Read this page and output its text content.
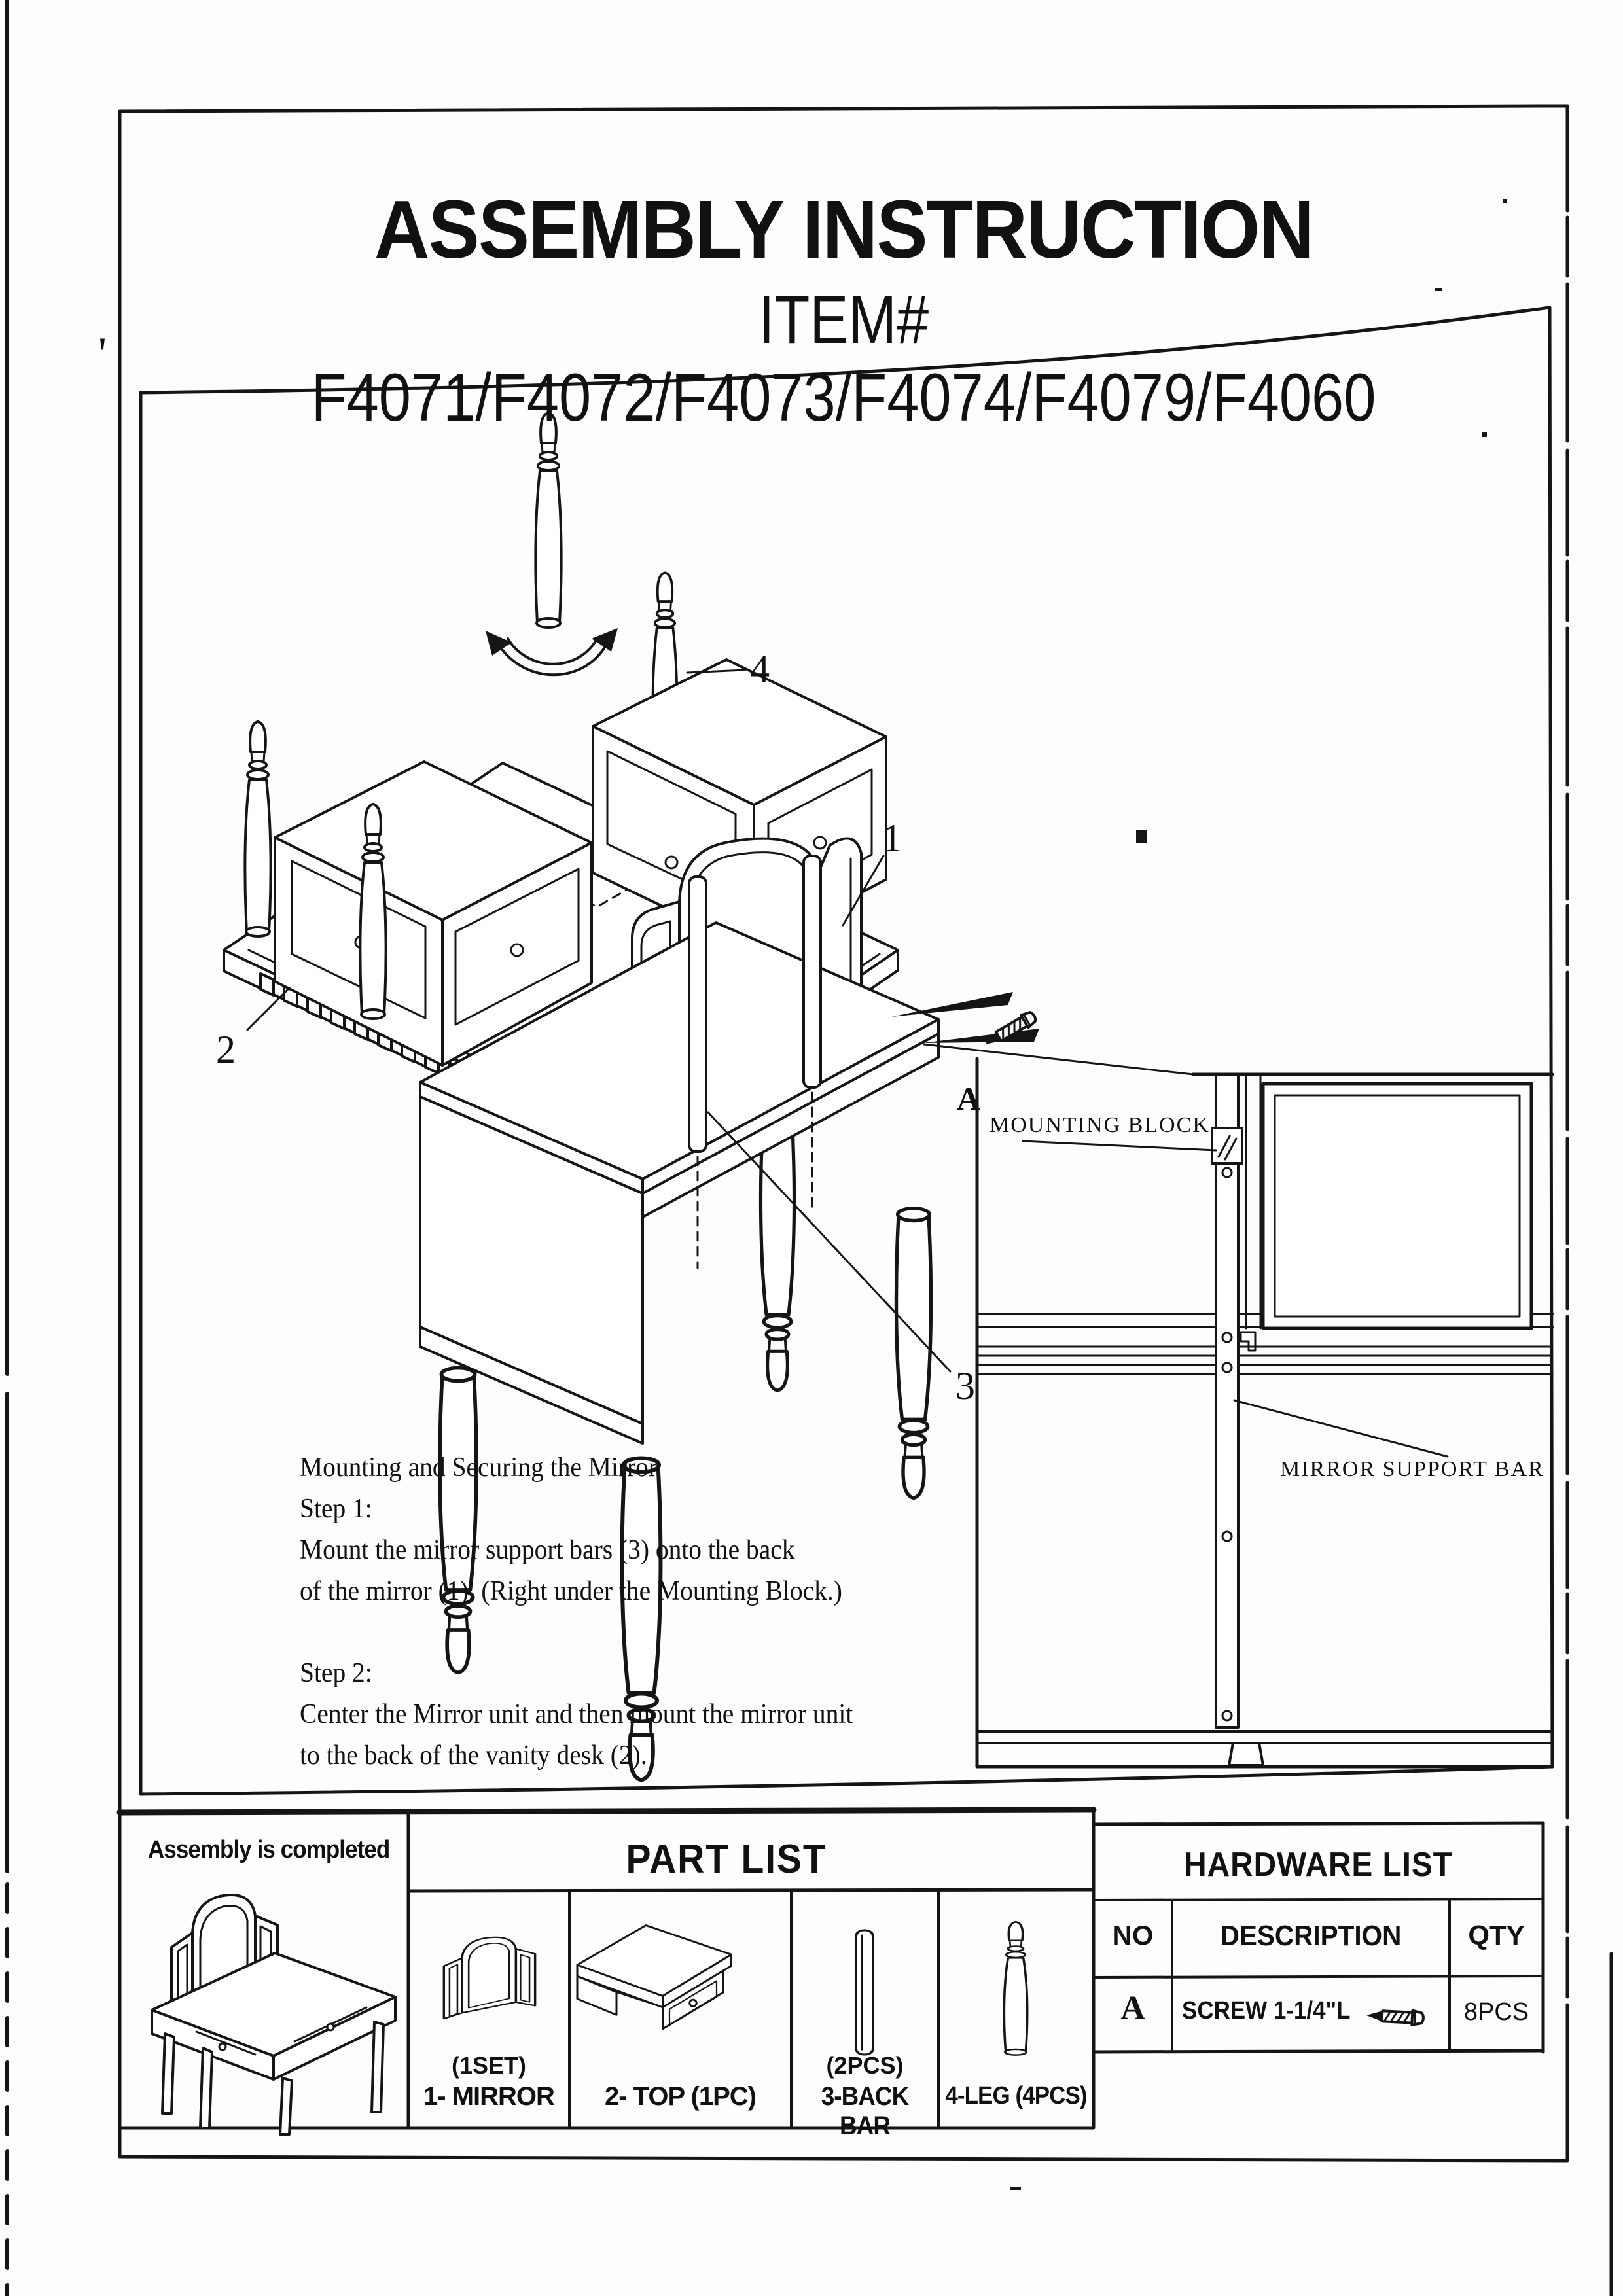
4
2
1
3
A
MOUNTING BLOCK
MIRROR SUPPORT BAR
'
ASSEMBLY INSTRUCTION
ITEM# F4071/F4072/F4073/F4074/F4079/F4060
Mounting and Securing the Mirror
Step 1:
Mount the mirror support bars (3) onto the back
of the mirror (1). (Right under the Mounting Block.)
Step 2:
Center the Mirror unit and then mount the mirror unit
to the back of the vanity desk (2).
Assembly is completed	PART LIST	HARDWARE LIST
NO	DESCRIPTION	QTY
A	SCREW 1-1/4"L	8PCS
(1SET)
1- MIRROR	2- TOP (1PC)
(2PCS)
3-BACK BAR
4-LEG (4PCS)
